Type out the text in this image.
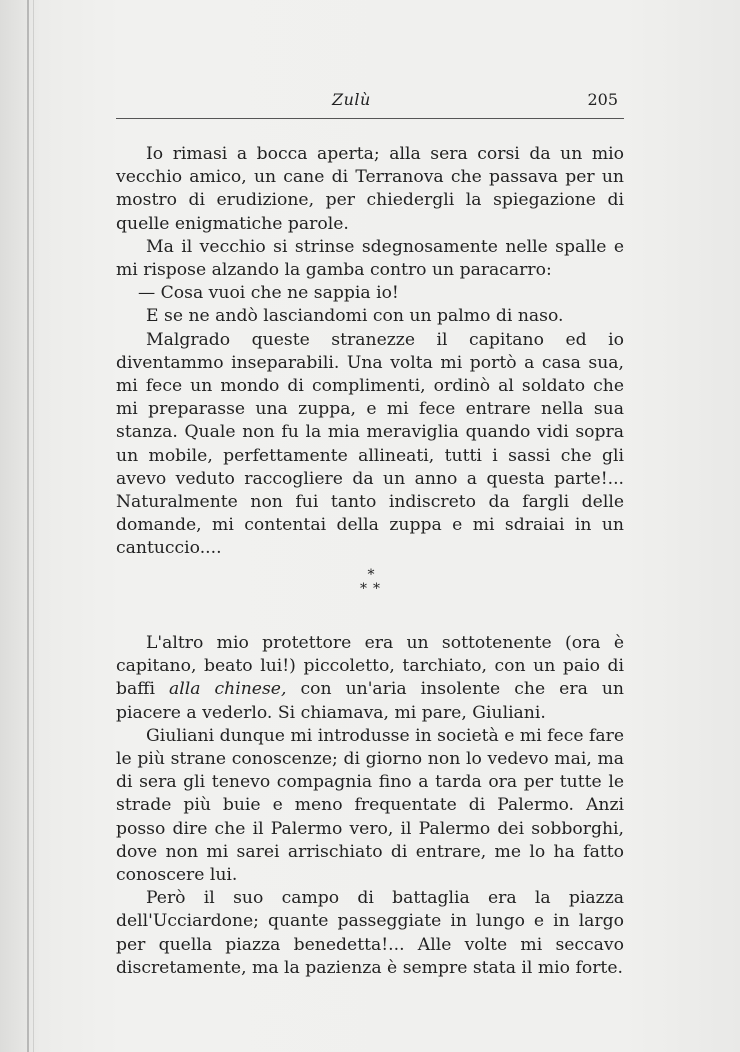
Zulù	205

Io rimasi a bocca aperta; alla sera corsi da un mio vecchio amico, un cane di Terranova che passava per un mostro di erudizione, per chiedergli la spiegazione di quelle enigmatiche parole.

Ma il vecchio si strinse sdegnosamente nelle spalle e mi rispose alzando la gamba contro un paracarro:

— Cosa vuoi che ne sappia io!

E se ne andò lasciandomi con un palmo di naso.

Malgrado queste stranezze il capitano ed io diventammo inseparabili. Una volta mi portò a casa sua, mi fece un mondo di complimenti, ordinò al soldato che mi preparasse una zuppa, e mi fece entrare nella sua stanza. Quale non fu la mia meraviglia quando vidi sopra un mobile, perfettamente allineati, tutti i sassi che gli avevo veduto raccogliere da un anno a questa parte!... Naturalmente non fui tanto indiscreto da fargli delle domande, mi contentai della zuppa e mi sdraiai in un cantuccio....

*
**

L'altro mio protettore era un sottotenente (ora è capitano, beato lui!) piccoletto, tarchiato, con un paio di baffi alla chinese, con un'aria insolente che era un piacere a vederlo. Si chiamava, mi pare, Giuliani.

Giuliani dunque mi introdusse in società e mi fece fare le più strane conoscenze; di giorno non lo vedevo mai, ma di sera gli tenevo compagnia fino a tarda ora per tutte le strade più buie e meno frequentate di Palermo. Anzi posso dire che il Palermo vero, il Palermo dei sobborghi, dove non mi sarei arrischiato di entrare, me lo ha fatto conoscere lui.

Però il suo campo di battaglia era la piazza dell'Ucciardone; quante passeggiate in lungo e in largo per quella piazza benedetta!... Alle volte mi seccavo discretamente, ma la pazienza è sempre stata il mio forte.
